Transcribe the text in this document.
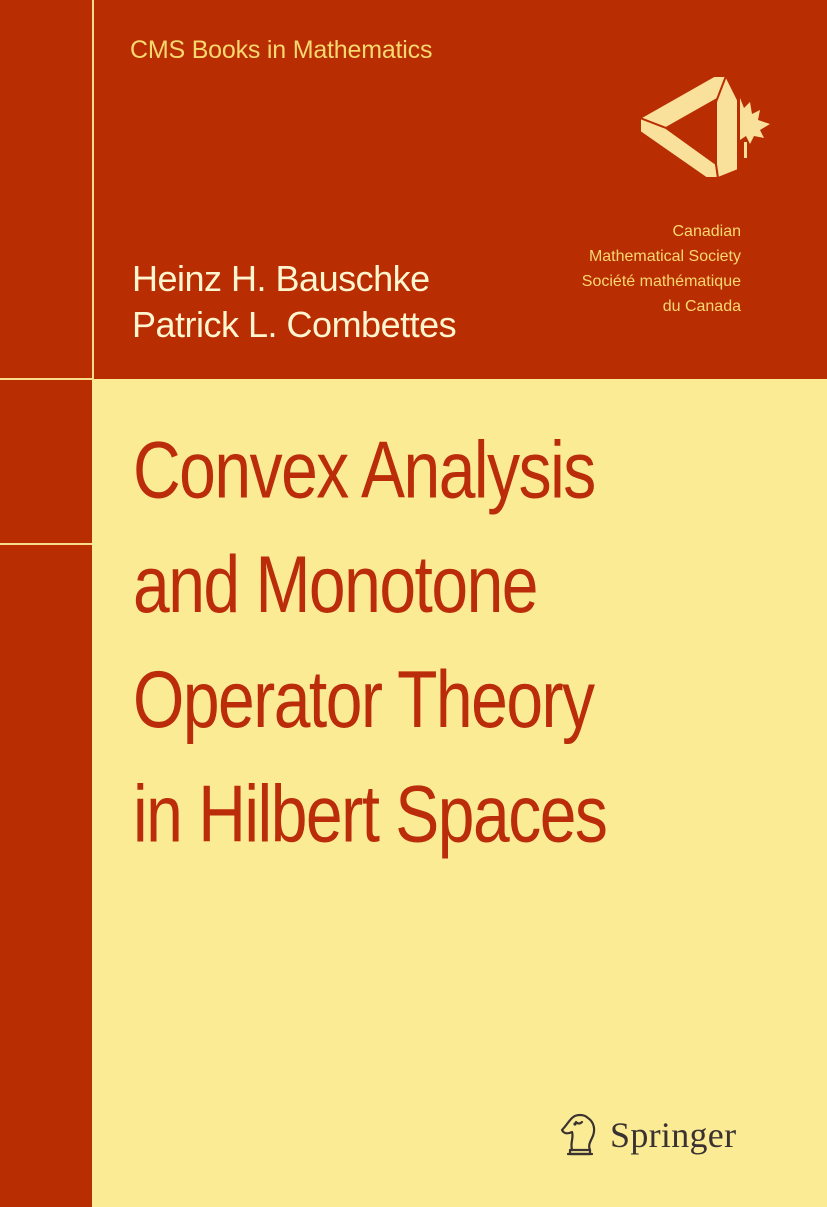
CMS Books in Mathematics
Canadian
Mathematical Society
Société mathématique
du Canada
Heinz H. Bauschke
Patrick L. Combettes
Convex Analysis
and Monotone
Operator Theory
in Hilbert Spaces
Springer
